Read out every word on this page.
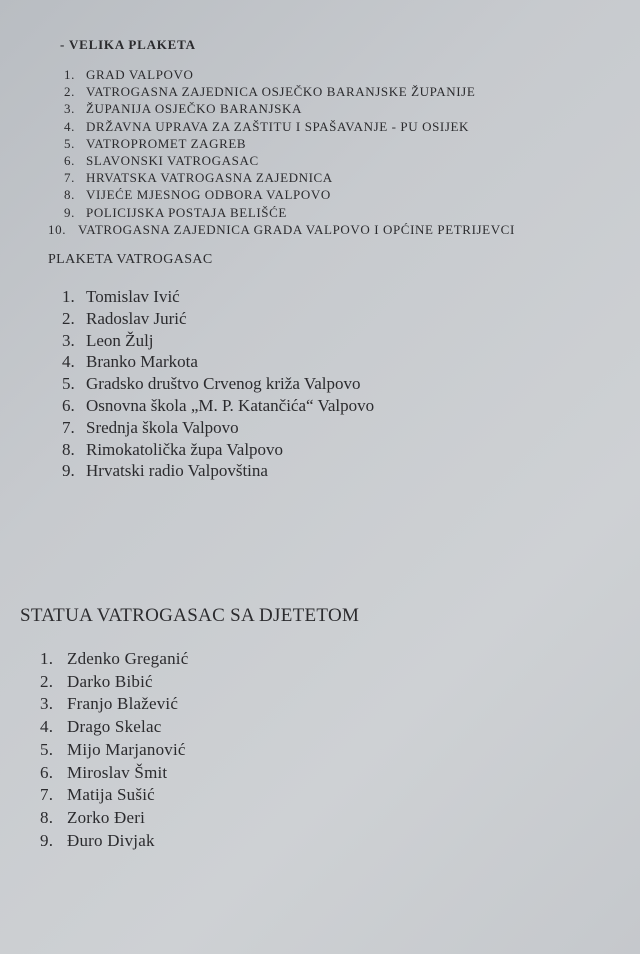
- VELIKA PLAKETA
1. GRAD VALPOVO
2. VATROGASNA ZAJEDNICA OSJEČKO BARANJSKE ŽUPANIJE
3. ŽUPANIJA OSJEČKO BARANJSKA
4. DRŽAVNA UPRAVA ZA ZAŠTITU I SPAŠAVANJE - PU OSIJEK
5. VATROPROMET ZAGREB
6. SLAVONSKI VATROGASAC
7. HRVATSKA VATROGASNA ZAJEDNICA
8. VIJEĆE MJESNOG ODBORA VALPOVO
9. POLICIJSKA POSTAJA BELIŠĆE
10. VATROGASNA ZAJEDNICA GRADA VALPOVO I OPĆINE PETRIJEVCI
PLAKETA VATROGASAC
1. Tomislav Ivić
2. Radoslav Jurić
3. Leon Žulj
4. Branko Markota
5. Gradsko društvo Crvenog križa Valpovo
6. Osnovna škola „M. P. Katančića“ Valpovo
7. Srednja škola Valpovo
8. Rimokatolička župa Valpovo
9. Hrvatski radio Valpovština
STATUA VATROGASAC SA DJETETOM
1. Zdenko Greganić
2. Darko Bibić
3. Franjo Blažević
4. Drago Skelac
5. Mijo Marjanović
6. Miroslav Šmit
7. Matija Sušić
8. Zorko Đeri
9. Đuro Divjak
